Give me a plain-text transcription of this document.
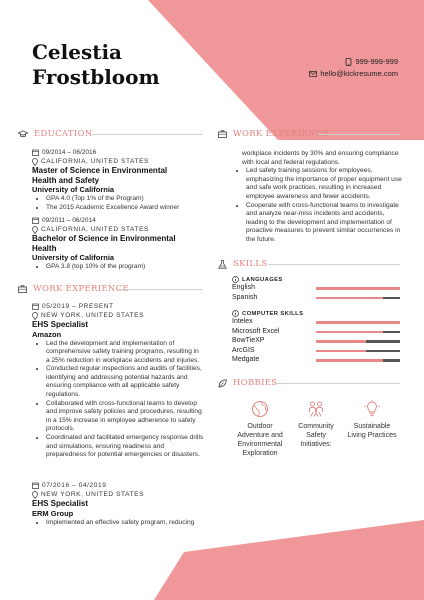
Celestia
Frostbloom
999-999-999
hello@kickresume.com
EDUCATION
09/2014 – 06/2016
CALIFORNIA, UNITED STATES
Master of Science in Environmental
Health and Safety
University of California
• GPA 4.0 (Top 1% of the Program)
• The 2015 Academic Excellence Award winner
09/2011 – 06/2014
CALIFORNIA, UNITED STATES
Bachelor of Science in Environmental
Health
University of California
• GPA 3.8 (top 10% of the program)
WORK EXPERIENCE
05/2019 – PRESENT
NEW YORK, UNITED STATES
EHS Specialist
Amazon
• Led the development and implementation of comprehensive safety training programs, resulting in a 25% reduction in workplace accidents and injuries.
• Conducted regular inspections and audits of facilities, identifying and addressing potential hazards and ensuring compliance with all applicable safety regulations.
• Collaborated with cross-functional teams to develop and improve safety policies and procedures, resulting in a 15% increase in employee adherence to safety protocols.
• Coordinated and facilitated emergency response drills and simulations, ensuring readiness and preparedness for potential emergencies or disasters.
07/2016 – 04/2019
NEW YORK, UNITED STATES
EHS Specialist
ERM Group
• Implemented an effective safety program, reducing
WORK EXPERIENCE
workplace incidents by 30% and ensuring compliance with local and federal regulations.
• Led safety training sessions for employees, emphasizing the importance of proper equipment use and safe work practices, resulting in increased employee awareness and fewer accidents.
• Cooperate with cross-functional teams to investigate and analyze near-miss incidents and accidents, leading to the development and implementation of proactive measures to prevent similar occurrences in the future.
SKILLS
LANGUAGES
English
Spanish
COMPUTER SKILLS
Intelex
Microsoft Excel
BowTieXP
ArcGIS
Medgate
HOBBIES
Outdoor
Adventure and
Environmental
Exploration
Community
Safety
Initiatives:
Sustainable
Living Practices
